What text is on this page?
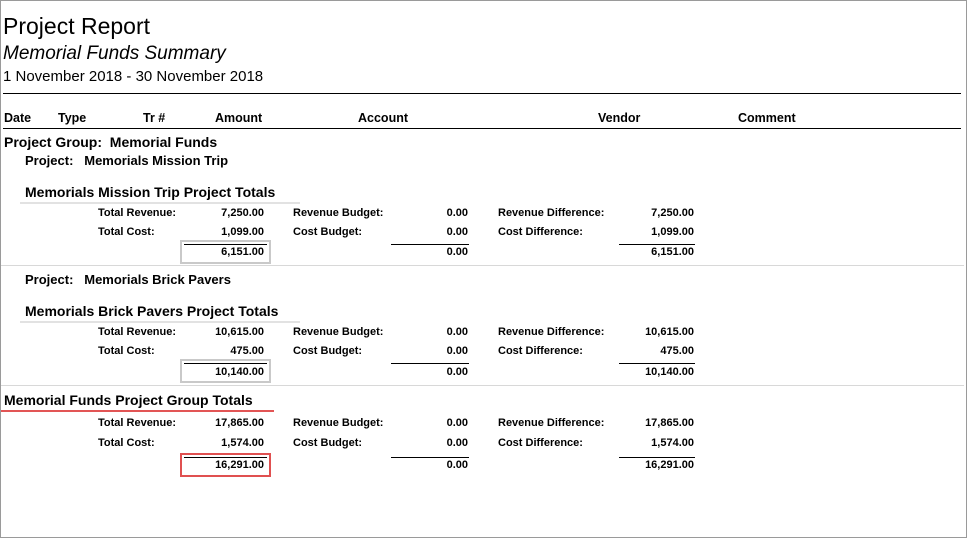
Project Report
Memorial Funds Summary
1 November 2018 - 30 November 2018
Date Type	Tr #	Amount	Account	Vendor	Comment
Project Group: Memorial Funds
Project: Memorials Mission Trip
Memorials Mission Trip Project Totals
Total Revenue:	7,250.00	Revenue Budget:	0.00	Revenue Difference:	7,250.00
Total Cost:	1,099.00	Cost Budget:	0.00	Cost Difference:	1,099.00
6,151.00	0.00	6,151.00
Project: Memorials Brick Pavers
Memorials Brick Pavers Project Totals
Total Revenue:	10,615.00	Revenue Budget:	0.00	Revenue Difference:	10,615.00
Total Cost:	475.00	Cost Budget:	0.00	Cost Difference:	475.00
10,140.00	0.00	10,140.00
Memorial Funds Project Group Totals
Total Revenue:	17,865.00	Revenue Budget:	0.00	Revenue Difference:	17,865.00
Total Cost:	1,574.00	Cost Budget:	0.00	Cost Difference:	1,574.00
16,291.00	0.00	16,291.00
